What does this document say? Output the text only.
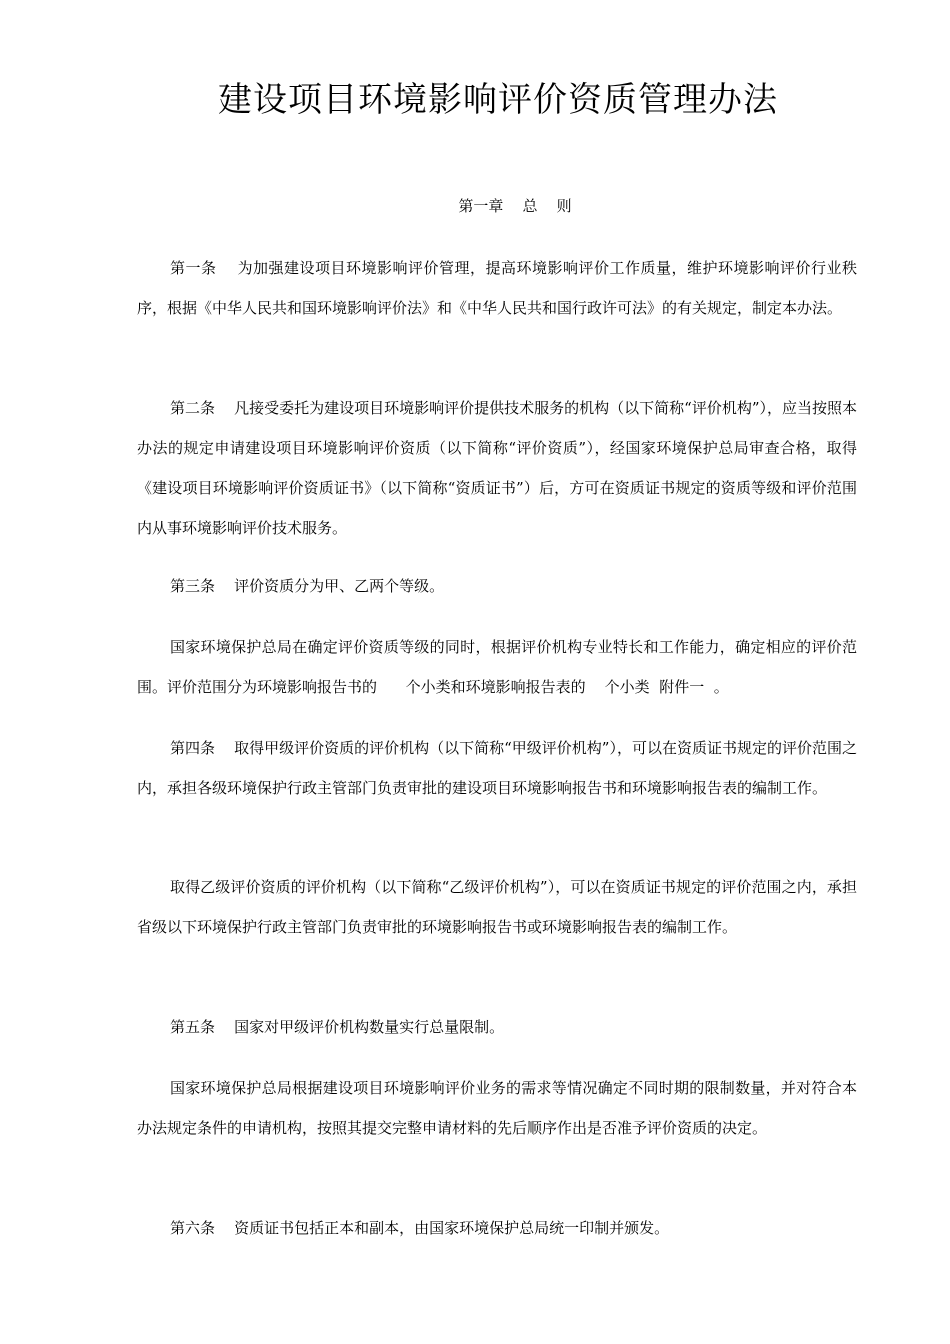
建设项目环境影响评价资质管理办法
第一章    总    则

第一条    为加强建设项目环境影响评价管理，提高环境影响评价工作质量，维护环境影响评价行业秩序，根据《中华人民共和国环境影响评价法》和《中华人民共和国行政许可法》的有关规定，制定本办法。

第二条    凡接受委托为建设项目环境影响评价提供技术服务的机构（以下简称“评价机构”），应当按照本办法的规定申请建设项目环境影响评价资质（以下简称“评价资质”），经国家环境保护总局审查合格，取得《建设项目环境影响评价资质证书》（以下简称“资质证书”）后，方可在资质证书规定的资质等级和评价范围内从事环境影响评价技术服务。

第三条    评价资质分为甲、乙两个等级。

国家环境保护总局在确定评价资质等级的同时，根据评价机构专业特长和工作能力，确定相应的评价范围。评价范围分为环境影响报告书的      个小类和环境影响报告表的    个小类  附件一  。

第四条    取得甲级评价资质的评价机构（以下简称“甲级评价机构”），可以在资质证书规定的评价范围之内，承担各级环境保护行政主管部门负责审批的建设项目环境影响报告书和环境影响报告表的编制工作。

取得乙级评价资质的评价机构（以下简称“乙级评价机构”），可以在资质证书规定的评价范围之内，承担省级以下环境保护行政主管部门负责审批的环境影响报告书或环境影响报告表的编制工作。

第五条    国家对甲级评价机构数量实行总量限制。

国家环境保护总局根据建设项目环境影响评价业务的需求等情况确定不同时期的限制数量，并对符合本办法规定条件的申请机构，按照其提交完整申请材料的先后顺序作出是否准予评价资质的决定。

第六条    资质证书包括正本和副本，由国家环境保护总局统一印制并颁发。
